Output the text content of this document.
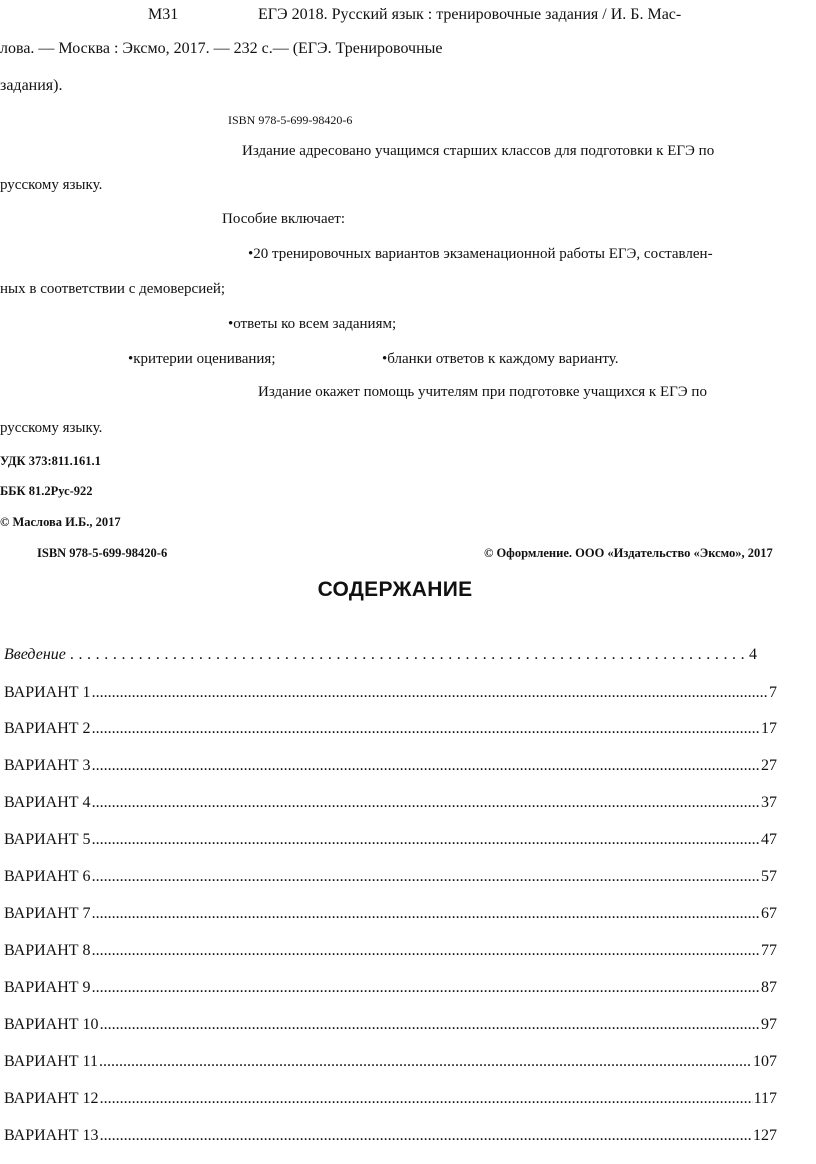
М31	ЕГЭ 2018. Русский язык : тренировочные задания / И. Б. Мас-
лова. — Москва : Эксмо, 2017. — 232 с.— (ЕГЭ. Тренировочные
задания).
ISBN 978-5-699-98420-6
Издание адресовано учащимся старших классов для подготовки к ЕГЭ по
русскому языку.
Пособие включает:
•20 тренировочных вариантов экзаменационной работы ЕГЭ, составлен-
ных в соответствии с демоверсией;
•ответы ко всем заданиям;
•критерии оценивания;	•бланки ответов к каждому варианту.
Издание окажет помощь учителям при подготовке учащихся к ЕГЭ по
русскому языку.
УДК 373:811.161.1
ББК 81.2Рус-922
© Маслова И.Б., 2017
ISBN 978-5-699-98420-6	© Оформление. ООО «Издательство «Эксмо», 2017
СОДЕРЖАНИЕ
Введение .....	4
ВАРИАНТ 1 .....	7
ВАРИАНТ 2 .....	17
ВАРИАНТ 3 .....	27
ВАРИАНТ 4 .....	37
ВАРИАНТ 5 .....	47
ВАРИАНТ 6 .....	57
ВАРИАНТ 7 .....	67
ВАРИАНТ 8 .....	77
ВАРИАНТ 9 .....	87
ВАРИАНТ 10 .....	97
ВАРИАНТ 11 .....	107
ВАРИАНТ 12 .....	117
ВАРИАНТ 13 .....	127
